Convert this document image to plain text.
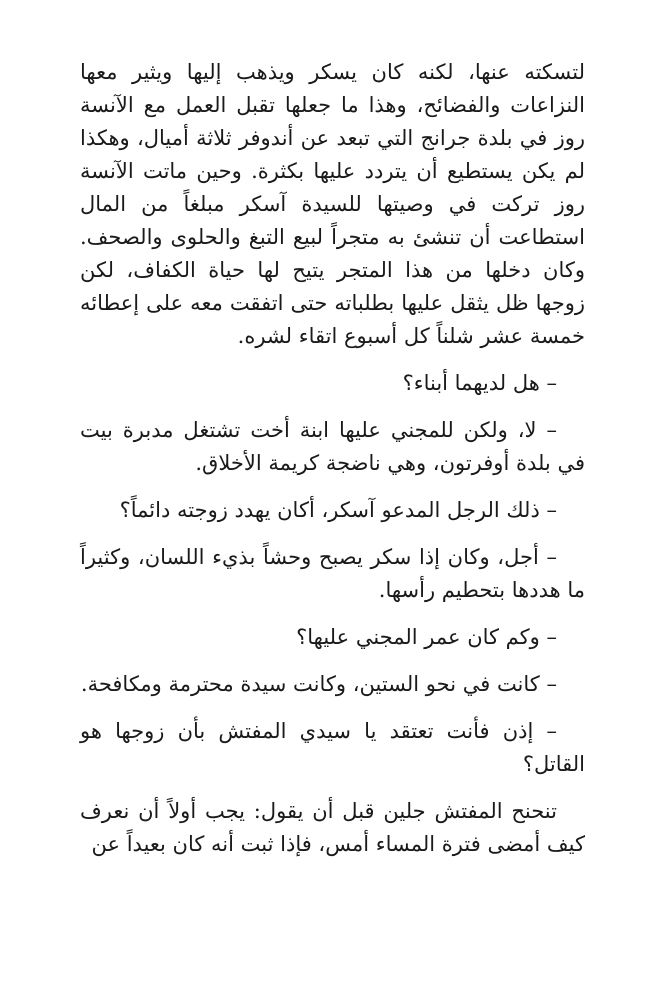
لتسكته عنها، لكنه كان يسكر ويذهب إليها ويثير معها النزاعات والفضائح، وهذا ما جعلها تقبل العمل مع الآنسة روز في بلدة جرانج التي تبعد عن أندوفر ثلاثة أميال، وهكذا لم يكن يستطيع أن يتردد عليها بكثرة. وحين ماتت الآنسة روز تركت في وصيتها للسيدة آسكر مبلغاً من المال استطاعت أن تنشئ به متجراً لبيع التبغ والحلوى والصحف. وكان دخلها من هذا المتجر يتيح لها حياة الكفاف، لكن زوجها ظل يثقل عليها بطلباته حتى اتفقت معه على إعطائه خمسة عشر شلناً كل أسبوع اتقاء لشره.

– هل لديهما أبناء؟

– لا، ولكن للمجني عليها ابنة أخت تشتغل مدبرة بيت في بلدة أوفرتون، وهي ناضجة كريمة الأخلاق.

– ذلك الرجل المدعو آسكر، أكان يهدد زوجته دائماً؟

– أجل، وكان إذا سكر يصبح وحشاً بذيء اللسان، وكثيراً ما هددها بتحطيم رأسها.

– وكم كان عمر المجني عليها؟

– كانت في نحو الستين، وكانت سيدة محترمة ومكافحة.

– إذن فأنت تعتقد يا سيدي المفتش بأن زوجها هو القاتل؟

تنحنح المفتش جلين قبل أن يقول: يجب أولاً أن نعرف كيف أمضى فترة المساء أمس، فإذا ثبت أنه كان بعيداً عن
